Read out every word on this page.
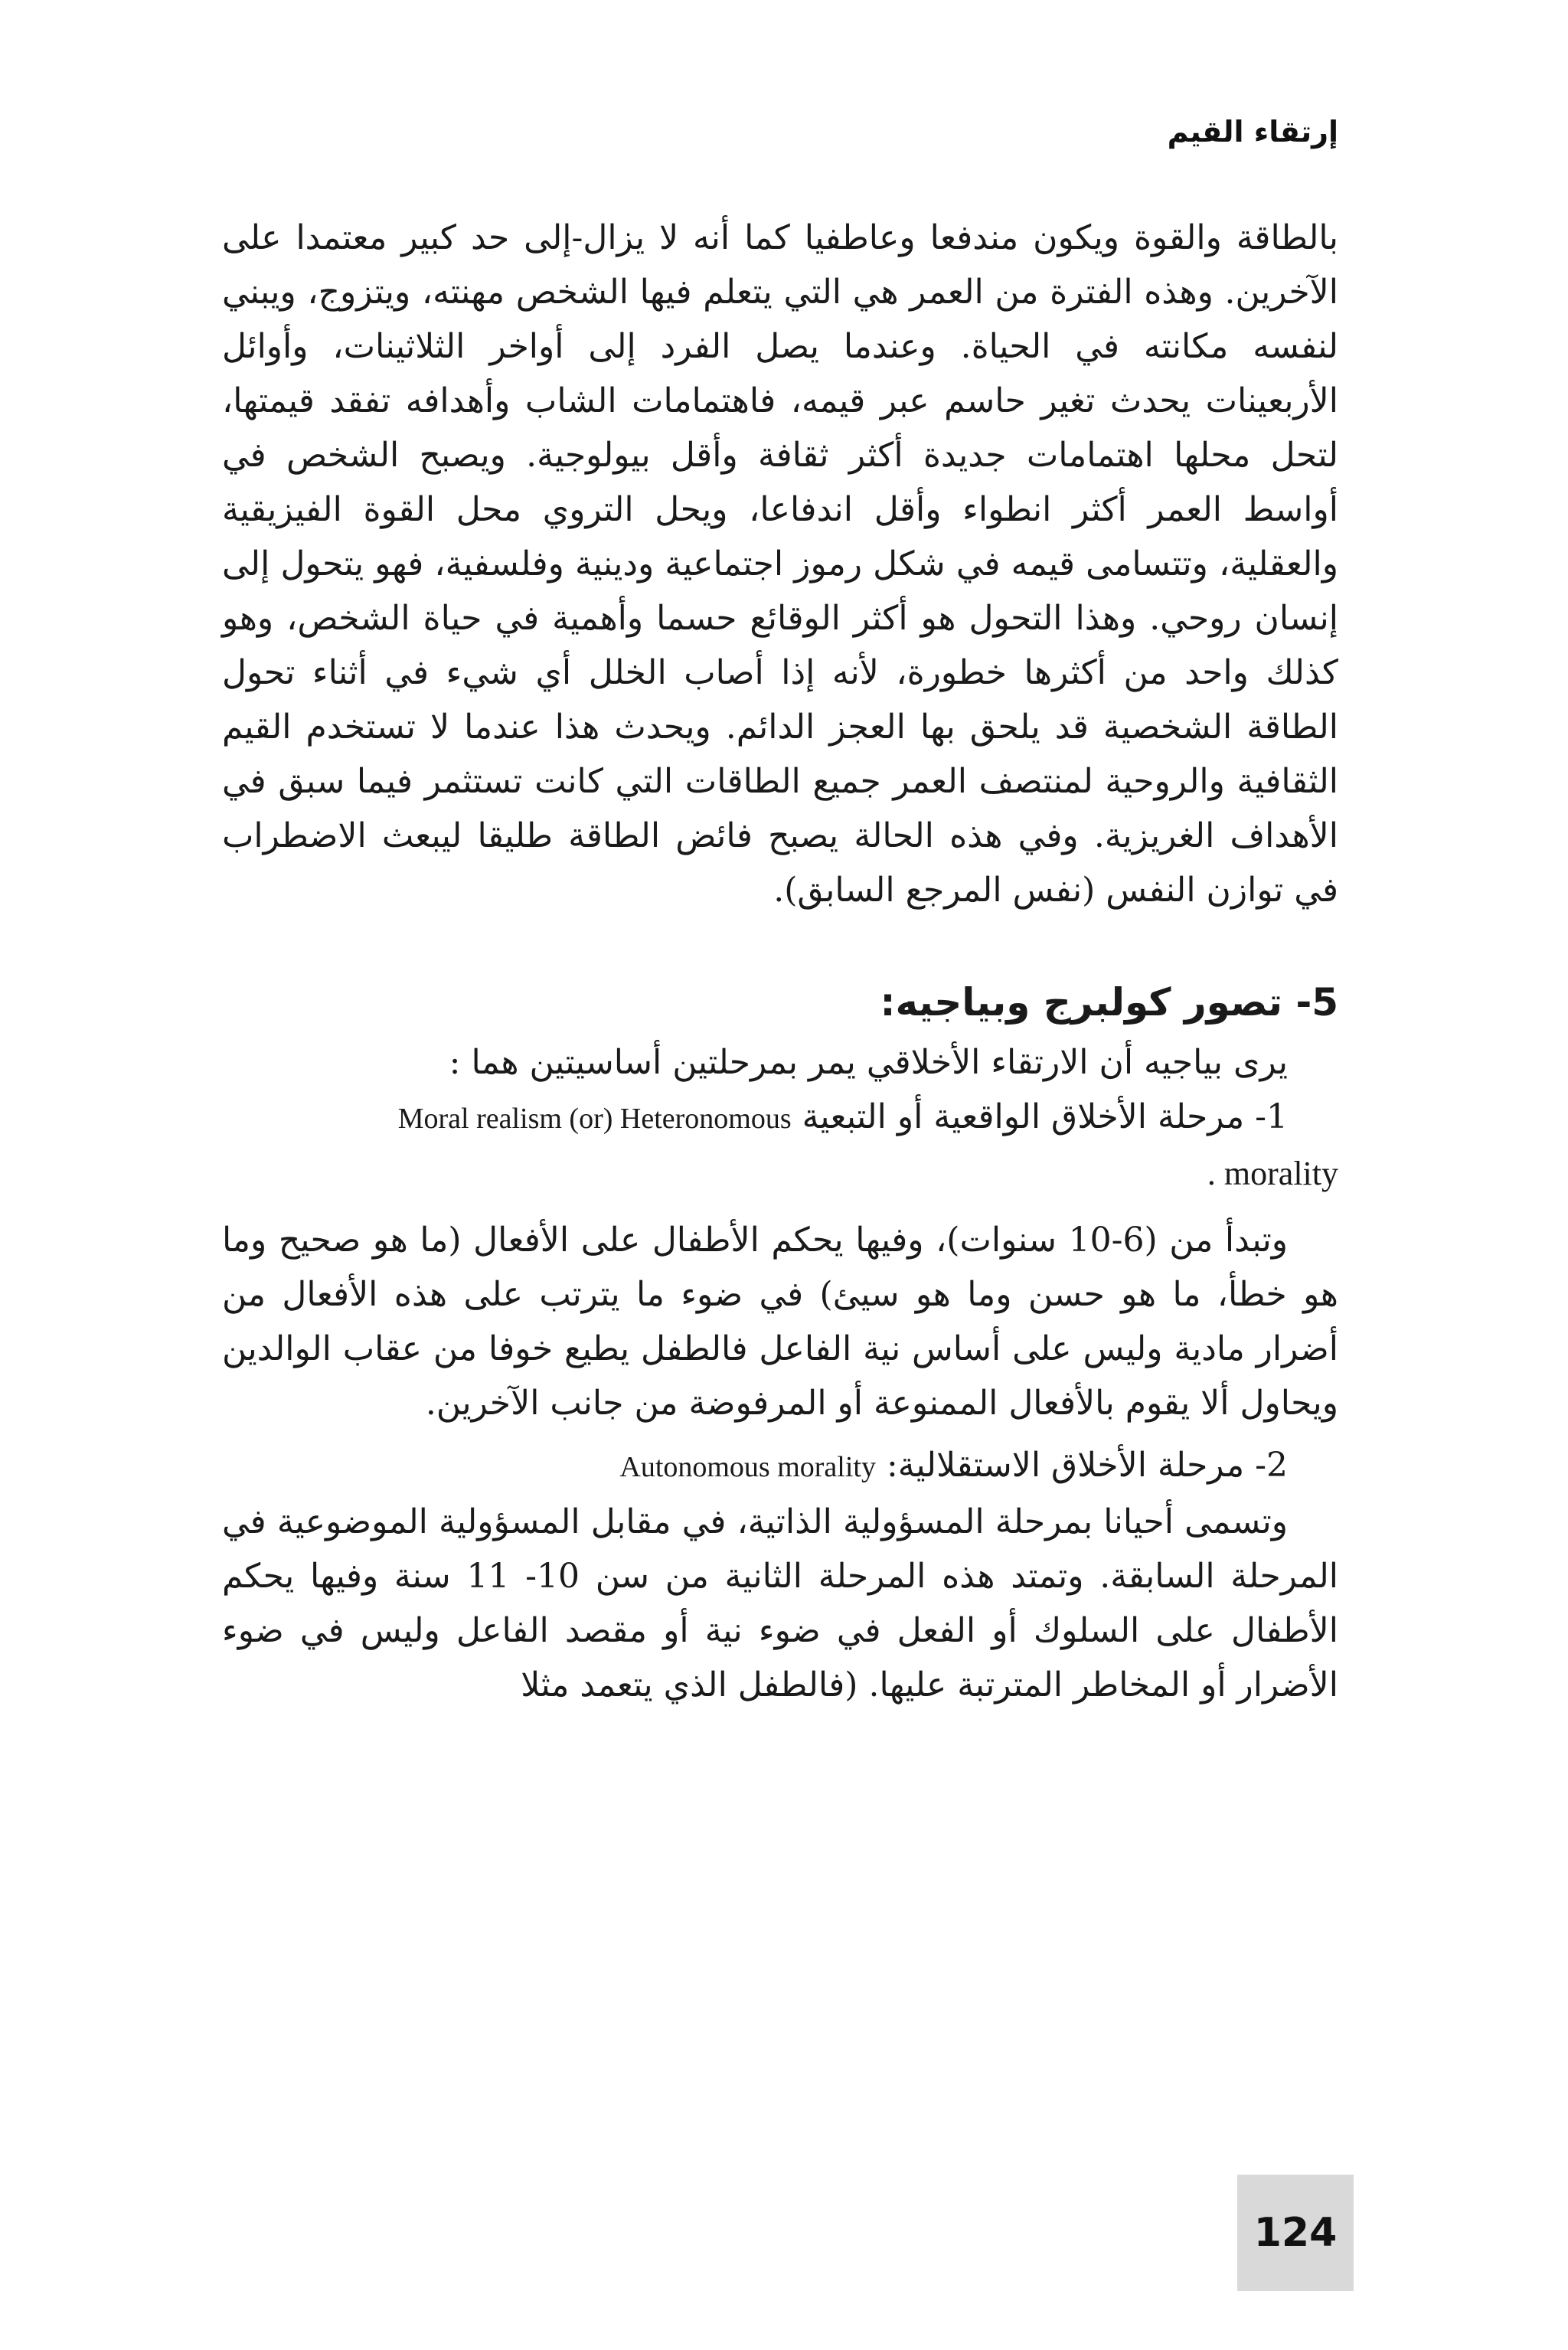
إرتقاء القيم

بالطاقة والقوة ويكون مندفعا وعاطفيا كما أنه لا يزال-إلى حد كبير معتمدا على الآخرين. وهذه الفترة من العمر هي التي يتعلم فيها الشخص مهنته، ويتزوج، ويبني لنفسه مكانته في الحياة. وعندما يصل الفرد إلى أواخر الثلاثينات، وأوائل الأربعينات يحدث تغير حاسم عبر قيمه، فاهتمامات الشاب وأهدافه تفقد قيمتها، لتحل محلها اهتمامات جديدة أكثر ثقافة وأقل بيولوجية. ويصبح الشخص في أواسط العمر أكثر انطواء وأقل اندفاعا، ويحل التروي محل القوة الفيزيقية والعقلية، وتتسامى قيمه في شكل رموز اجتماعية ودينية وفلسفية، فهو يتحول إلى إنسان روحي. وهذا التحول هو أكثر الوقائع حسما وأهمية في حياة الشخص، وهو كذلك واحد من أكثرها خطورة، لأنه إذا أصاب الخلل أي شيء في أثناء تحول الطاقة الشخصية قد يلحق بها العجز الدائم. ويحدث هذا عندما لا تستخدم القيم الثقافية والروحية لمنتصف العمر جميع الطاقات التي كانت تستثمر فيما سبق في الأهداف الغريزية. وفي هذه الحالة يصبح فائض الطاقة طليقا ليبعث الاضطراب في توازن النفس (نفس المرجع السابق).

5- تصور كولبرج وبياجيه:

يرى بياجيه أن الارتقاء الأخلاقي يمر بمرحلتين أساسيتين هما :

1- مرحلة الأخلاق الواقعية أو التبعية Moral realism (or) Heteronomous

morality .

وتبدأ من (6-10 سنوات)، وفيها يحكم الأطفال على الأفعال (ما هو صحيح وما هو خطأ، ما هو حسن وما هو سيئ) في ضوء ما يترتب على هذه الأفعال من أضرار مادية وليس على أساس نية الفاعل فالطفل يطيع خوفا من عقاب الوالدين ويحاول ألا يقوم بالأفعال الممنوعة أو المرفوضة من جانب الآخرين.

2- مرحلة الأخلاق الاستقلالية: Autonomous morality

وتسمى أحيانا بمرحلة المسؤولية الذاتية، في مقابل المسؤولية الموضوعية في المرحلة السابقة. وتمتد هذه المرحلة الثانية من سن 10- 11 سنة وفيها يحكم الأطفال على السلوك أو الفعل في ضوء نية أو مقصد الفاعل وليس في ضوء الأضرار أو المخاطر المترتبة عليها. (فالطفل الذي يتعمد مثلا

124
